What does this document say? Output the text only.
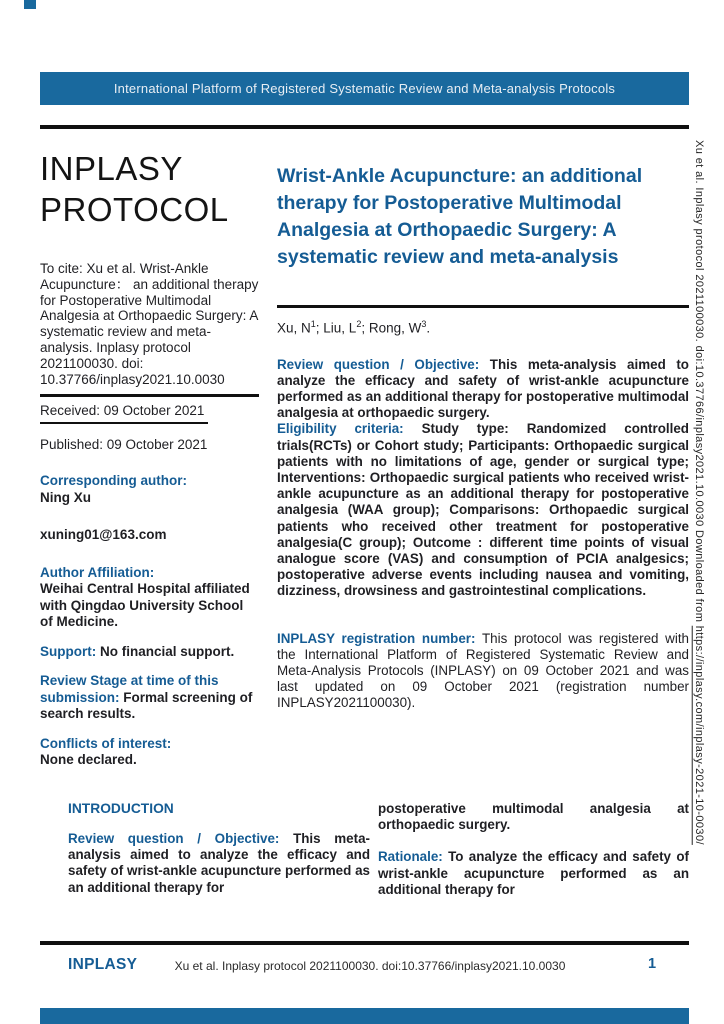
International Platform of Registered Systematic Review and Meta-analysis Protocols
INPLASY
PROTOCOL
To cite: Xu et al. Wrist-Ankle Acupuncture： an additional therapy for Postoperative Multimodal Analgesia at Orthopaedic Surgery: A systematic review and meta-analysis. Inplasy protocol 2021100030. doi: 10.37766/inplasy2021.10.0030
Received: 09 October 2021
Published: 09 October 2021
Corresponding author:
Ning Xu
xuning01@163.com
Author Affiliation:
Weihai Central Hospital affiliated with Qingdao University School of Medicine.
Support: No financial support.
Review Stage at time of this submission: Formal screening of search results.
Conflicts of interest:
None declared.
Wrist-Ankle Acupuncture: an additional therapy for Postoperative Multimodal Analgesia at Orthopaedic Surgery: A systematic review and meta-analysis
Xu, $N^1$; Liu, $L^2$; Rong, $W^3$.
Review question / Objective: This meta-analysis aimed to analyze the efficacy and safety of wrist-ankle acupuncture performed as an additional therapy for postoperative multimodal analgesia at orthopaedic surgery.
Eligibility criteria: Study type: Randomized controlled trials(RCTs) or Cohort study; Participants: Orthopaedic surgical patients with no limitations of age, gender or surgical type; Interventions: Orthopaedic surgical patients who received wrist-ankle acupuncture as an additional therapy for postoperative analgesia (WAA group); Comparisons: Orthopaedic surgical patients who received other treatment for postoperative analgesia(C group); Outcome : different time points of visual analogue score (VAS) and consumption of PCIA analgesics; postoperative adverse events including nausea and vomiting, dizziness, drowsiness and gastrointestinal complications.
INPLASY registration number: This protocol was registered with the International Platform of Registered Systematic Review and Meta-Analysis Protocols (INPLASY) on 09 October 2021 and was last updated on 09 October 2021 (registration number INPLASY2021100030).
INTRODUCTION
Review question / Objective: This meta-analysis aimed to analyze the efficacy and safety of wrist-ankle acupuncture performed as an additional therapy for
postoperative multimodal analgesia at orthopaedic surgery.
Rationale: To analyze the efficacy and safety of wrist-ankle acupuncture performed as an additional therapy for
INPLASY	Xu et al. Inplasy protocol 2021100030. doi:10.37766/inplasy2021.10.0030	1
Xu et al. Inplasy protocol 2021100030. doi:10.37766/inplasy2021.10.0030 Downloaded from https://inplasy.com/inplasy-2021-10-0030/
